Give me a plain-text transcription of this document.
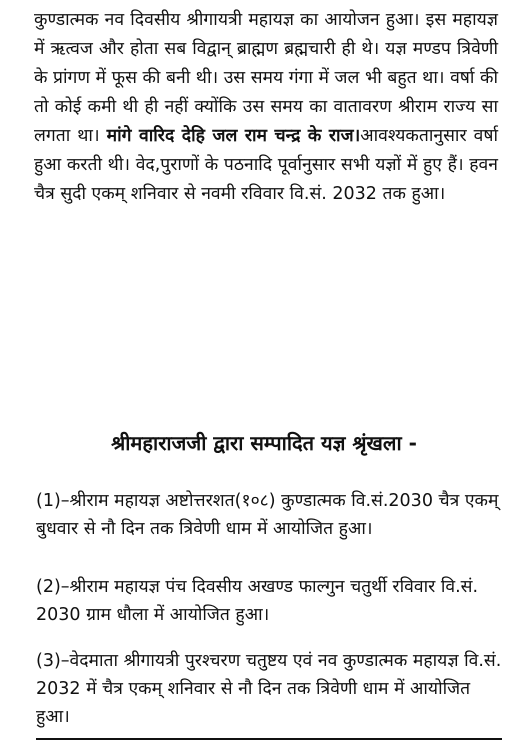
कुण्डात्मक नव दिवसीय श्रीगायत्री महायज्ञ का आयोजन हुआ। इस महायज्ञ में ऋत्वज और होता सब विद्वान् ब्राह्मण ब्रह्मचारी ही थे। यज्ञ मण्डप त्रिवेणी के प्रांगण में फूस की बनी थी। उस समय गंगा में जल भी बहुत था। वर्षा की तो कोई कमी थी ही नहीं क्योंकि उस समय का वातावरण श्रीराम राज्य सा लगता था। मांगे वारिद देहि जल राम चन्द्र के राज।आवश्यकतानुसार वर्षा हुआ करती थी। वेद,पुराणों के पठनादि पूर्वानुसार सभी यज्ञों में हुए हैं। हवन चैत्र सुदी एकम् शनिवार से नवमी रविवार वि.सं. 2032 तक हुआ।

श्रीमहाराजजी द्वारा सम्पादित यज्ञ श्रृंखला -

(1)–श्रीराम महायज्ञ अष्टोत्तरशत(१०८) कुण्डात्मक वि.सं.2030 चैत्र एकम् बुधवार से नौ दिन तक त्रिवेणी धाम में आयोजित हुआ।

(2)–श्रीराम महायज्ञ पंच दिवसीय अखण्ड फाल्गुन चतुर्थी रविवार वि.सं. 2030 ग्राम धौला में आयोजित हुआ।

(3)–वेदमाता श्रीगायत्री पुरश्चरण चतुष्टय एवं नव कुण्डात्मक महायज्ञ वि.सं. 2032 में चैत्र एकम् शनिवार से नौ दिन तक त्रिवेणी धाम में आयोजित हुआ।
